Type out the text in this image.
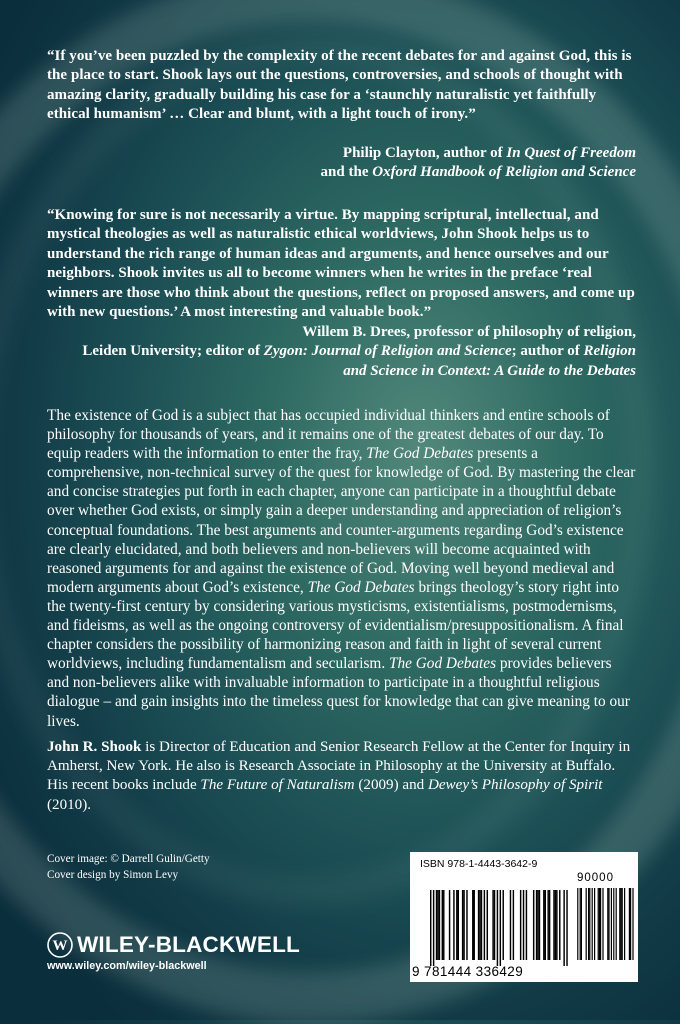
“If you’ve been puzzled by the complexity of the recent debates for and against God, this is the place to start. Shook lays out the questions, controversies, and schools of thought with amazing clarity, gradually building his case for a ‘staunchly naturalistic yet faithfully ethical humanism’ … Clear and blunt, with a light touch of irony.”

Philip Clayton, author of In Quest of Freedom
and the Oxford Handbook of Religion and Science

“Knowing for sure is not necessarily a virtue. By mapping scriptural, intellectual, and mystical theologies as well as naturalistic ethical worldviews, John Shook helps us to understand the rich range of human ideas and arguments, and hence ourselves and our neighbors. Shook invites us all to become winners when he writes in the preface ‘real winners are those who think about the questions, reflect on proposed answers, and come up with new questions.’ A most interesting and valuable book.”

Willem B. Drees, professor of philosophy of religion,
Leiden University; editor of Zygon: Journal of Religion and Science; author of Religion
and Science in Context: A Guide to the Debates

The existence of God is a subject that has occupied individual thinkers and entire schools of philosophy for thousands of years, and it remains one of the greatest debates of our day. To equip readers with the information to enter the fray, The God Debates presents a comprehensive, non-technical survey of the quest for knowledge of God. By mastering the clear and concise strategies put forth in each chapter, anyone can participate in a thoughtful debate over whether God exists, or simply gain a deeper understanding and appreciation of religion’s conceptual foundations. The best arguments and counter-arguments regarding God’s existence are clearly elucidated, and both believers and non-believers will become acquainted with reasoned arguments for and against the existence of God. Moving well beyond medieval and modern arguments about God’s existence, The God Debates brings theology’s story right into the twenty-first century by considering various mysticisms, existentialisms, postmodernisms, and fideisms, as well as the ongoing controversy of evidentialism/presuppositionalism. A final chapter considers the possibility of harmonizing reason and faith in light of several current worldviews, including fundamentalism and secularism. The God Debates provides believers and non-believers alike with invaluable information to participate in a thoughtful religious dialogue – and gain insights into the timeless quest for knowledge that can give meaning to our lives.

John R. Shook is Director of Education and Senior Research Fellow at the Center for Inquiry in Amherst, New York. He also is Research Associate in Philosophy at the University at Buffalo. His recent books include The Future of Naturalism (2009) and Dewey’s Philosophy of Spirit (2010).

Cover image: © Darrell Gulin/Getty
Cover design by Simon Levy
W WILEY-BLACKWELL
www.wiley.com/wiley-blackwell
ISBN 978-1-4443-3642-9
90000
9 781444 336429
